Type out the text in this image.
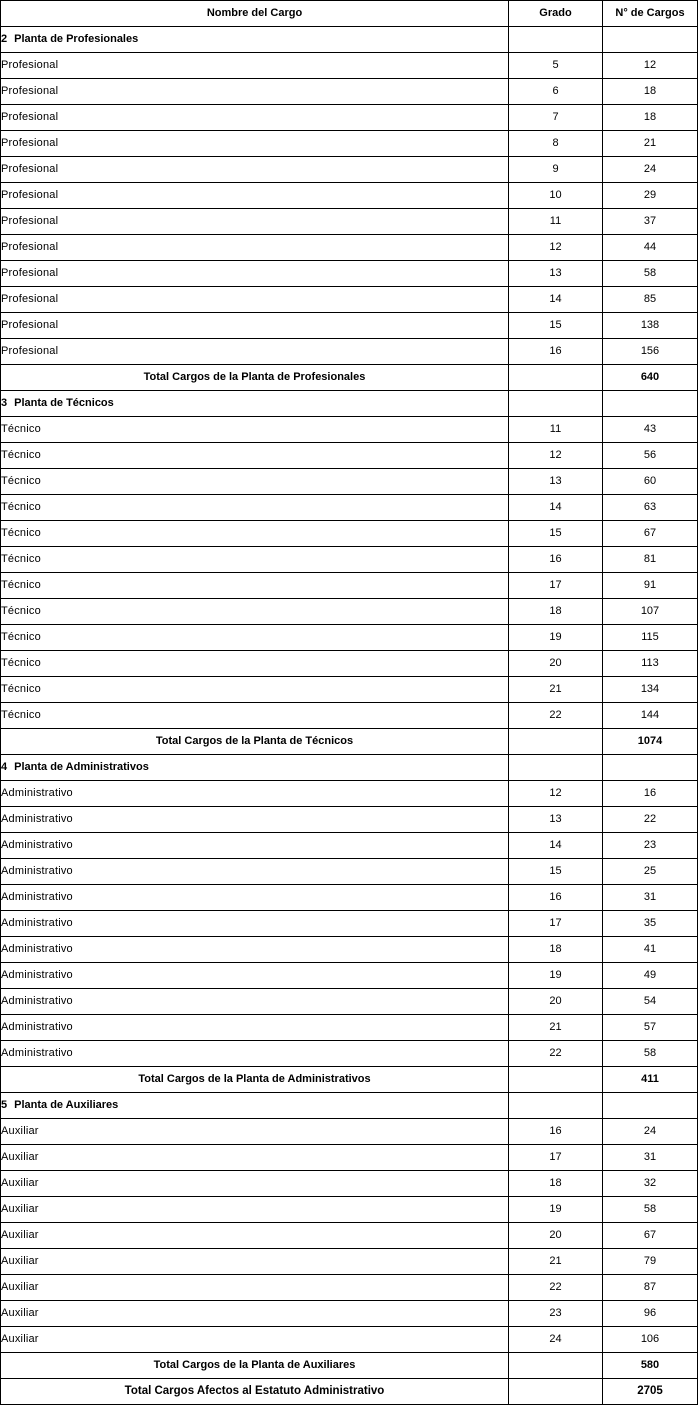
Nombre del Cargo	Grado	N° de Cargos
2 Planta de Profesionales		
Profesional	5	12
Profesional	6	18
Profesional	7	18
Profesional	8	21
Profesional	9	24
Profesional	10	29
Profesional	11	37
Profesional	12	44
Profesional	13	58
Profesional	14	85
Profesional	15	138
Profesional	16	156
Total Cargos de la Planta de Profesionales		640
3 Planta de Técnicos		
Técnico	11	43
Técnico	12	56
Técnico	13	60
Técnico	14	63
Técnico	15	67
Técnico	16	81
Técnico	17	91
Técnico	18	107
Técnico	19	115
Técnico	20	113
Técnico	21	134
Técnico	22	144
Total Cargos de la Planta de Técnicos		1074
4 Planta de Administrativos		
Administrativo	12	16
Administrativo	13	22
Administrativo	14	23
Administrativo	15	25
Administrativo	16	31
Administrativo	17	35
Administrativo	18	41
Administrativo	19	49
Administrativo	20	54
Administrativo	21	57
Administrativo	22	58
Total Cargos de la Planta de Administrativos		411
5 Planta de Auxiliares		
Auxiliar	16	24
Auxiliar	17	31
Auxiliar	18	32
Auxiliar	19	58
Auxiliar	20	67
Auxiliar	21	79
Auxiliar	22	87
Auxiliar	23	96
Auxiliar	24	106
Total Cargos de la Planta de Auxiliares		580
Total Cargos Afectos al Estatuto Administrativo		2705
